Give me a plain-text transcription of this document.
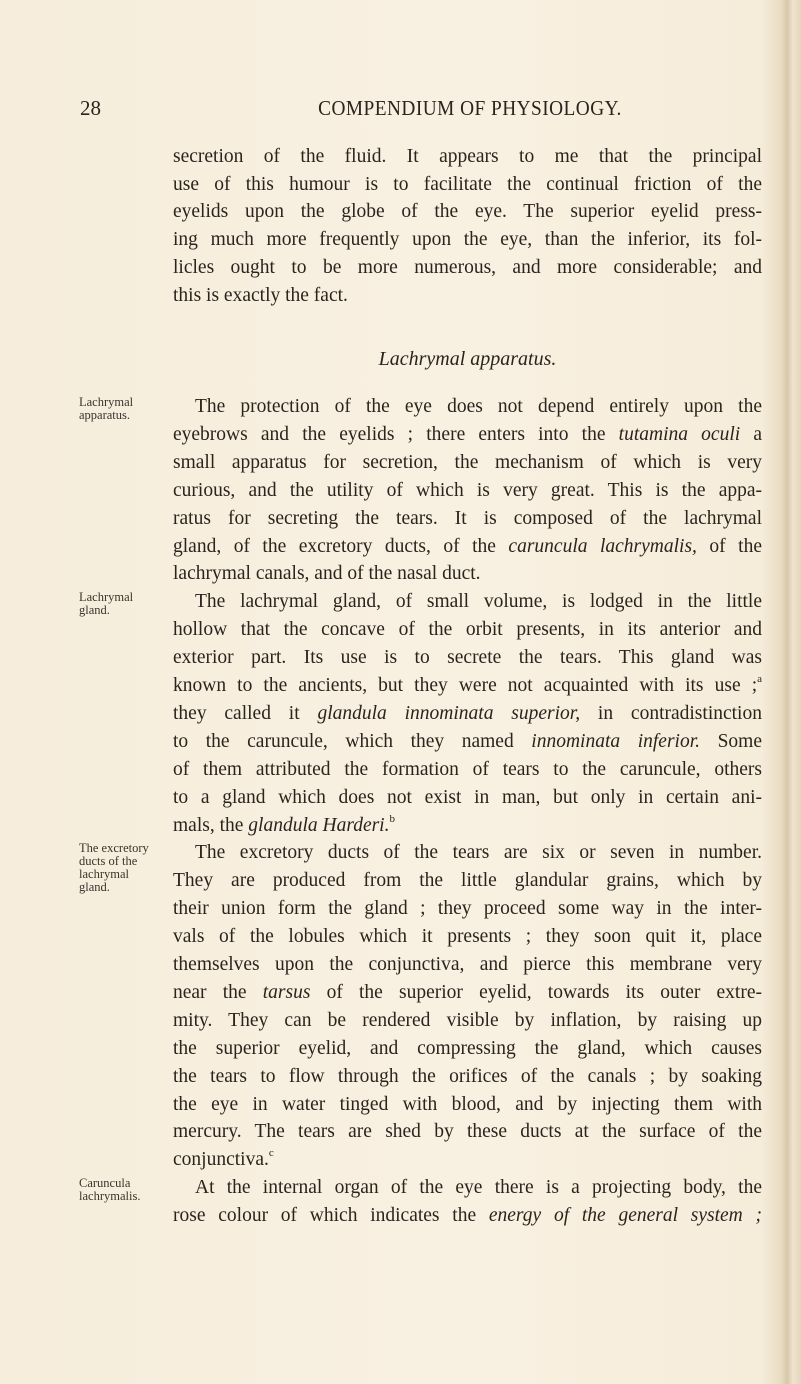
28	COMPENDIUM OF PHYSIOLOGY.
secretion of the fluid. It appears to me that the principal
use of this humour is to facilitate the continual friction of the
eyelids upon the globe of the eye. The superior eyelid press-
ing much more frequently upon the eye, than the inferior, its fol-
licles ought to be more numerous, and more considerable; and
this is exactly the fact.
Lachrymal apparatus.
The protection of the eye does not depend entirely upon the
eyebrows and the eyelids ; there enters into the tutamina oculi a
small apparatus for secretion, the mechanism of which is very
curious, and the utility of which is very great. This is the appa-
ratus for secreting the tears. It is composed of the lachrymal
gland, of the excretory ducts, of the caruncula lachrymalis, of the
lachrymal canals, and of the nasal duct.
The lachrymal gland, of small volume, is lodged in the little
hollow that the concave of the orbit presents, in its anterior and
exterior part. Its use is to secrete the tears. This gland was
known to the ancients, but they were not acquainted with its use ;$^a$
they called it glandula innominata superior, in contradistinction
to the caruncule, which they named innominata inferior. Some
of them attributed the formation of tears to the caruncule, others
to a gland which does not exist in man, but only in certain ani-
mals, the glandula Harderi.$^b$
The excretory ducts of the tears are six or seven in number.
They are produced from the little glandular grains, which by
their union form the gland ; they proceed some way in the inter-
vals of the lobules which it presents ; they soon quit it, place
themselves upon the conjunctiva, and pierce this membrane very
near the tarsus of the superior eyelid, towards its outer extre-
mity. They can be rendered visible by inflation, by raising up
the superior eyelid, and compressing the gland, which causes
the tears to flow through the orifices of the canals ; by soaking
the eye in water tinged with blood, and by injecting them with
mercury. The tears are shed by these ducts at the surface of the
conjunctiva.$^c$
At the internal organ of the eye there is a projecting body, the
rose colour of which indicates the energy of the general system ;
Lachrymal
apparatus.
Lachrymal
gland.
The excretory
ducts of the
lachrymal
gland.
Caruncula
lachrymalis.
